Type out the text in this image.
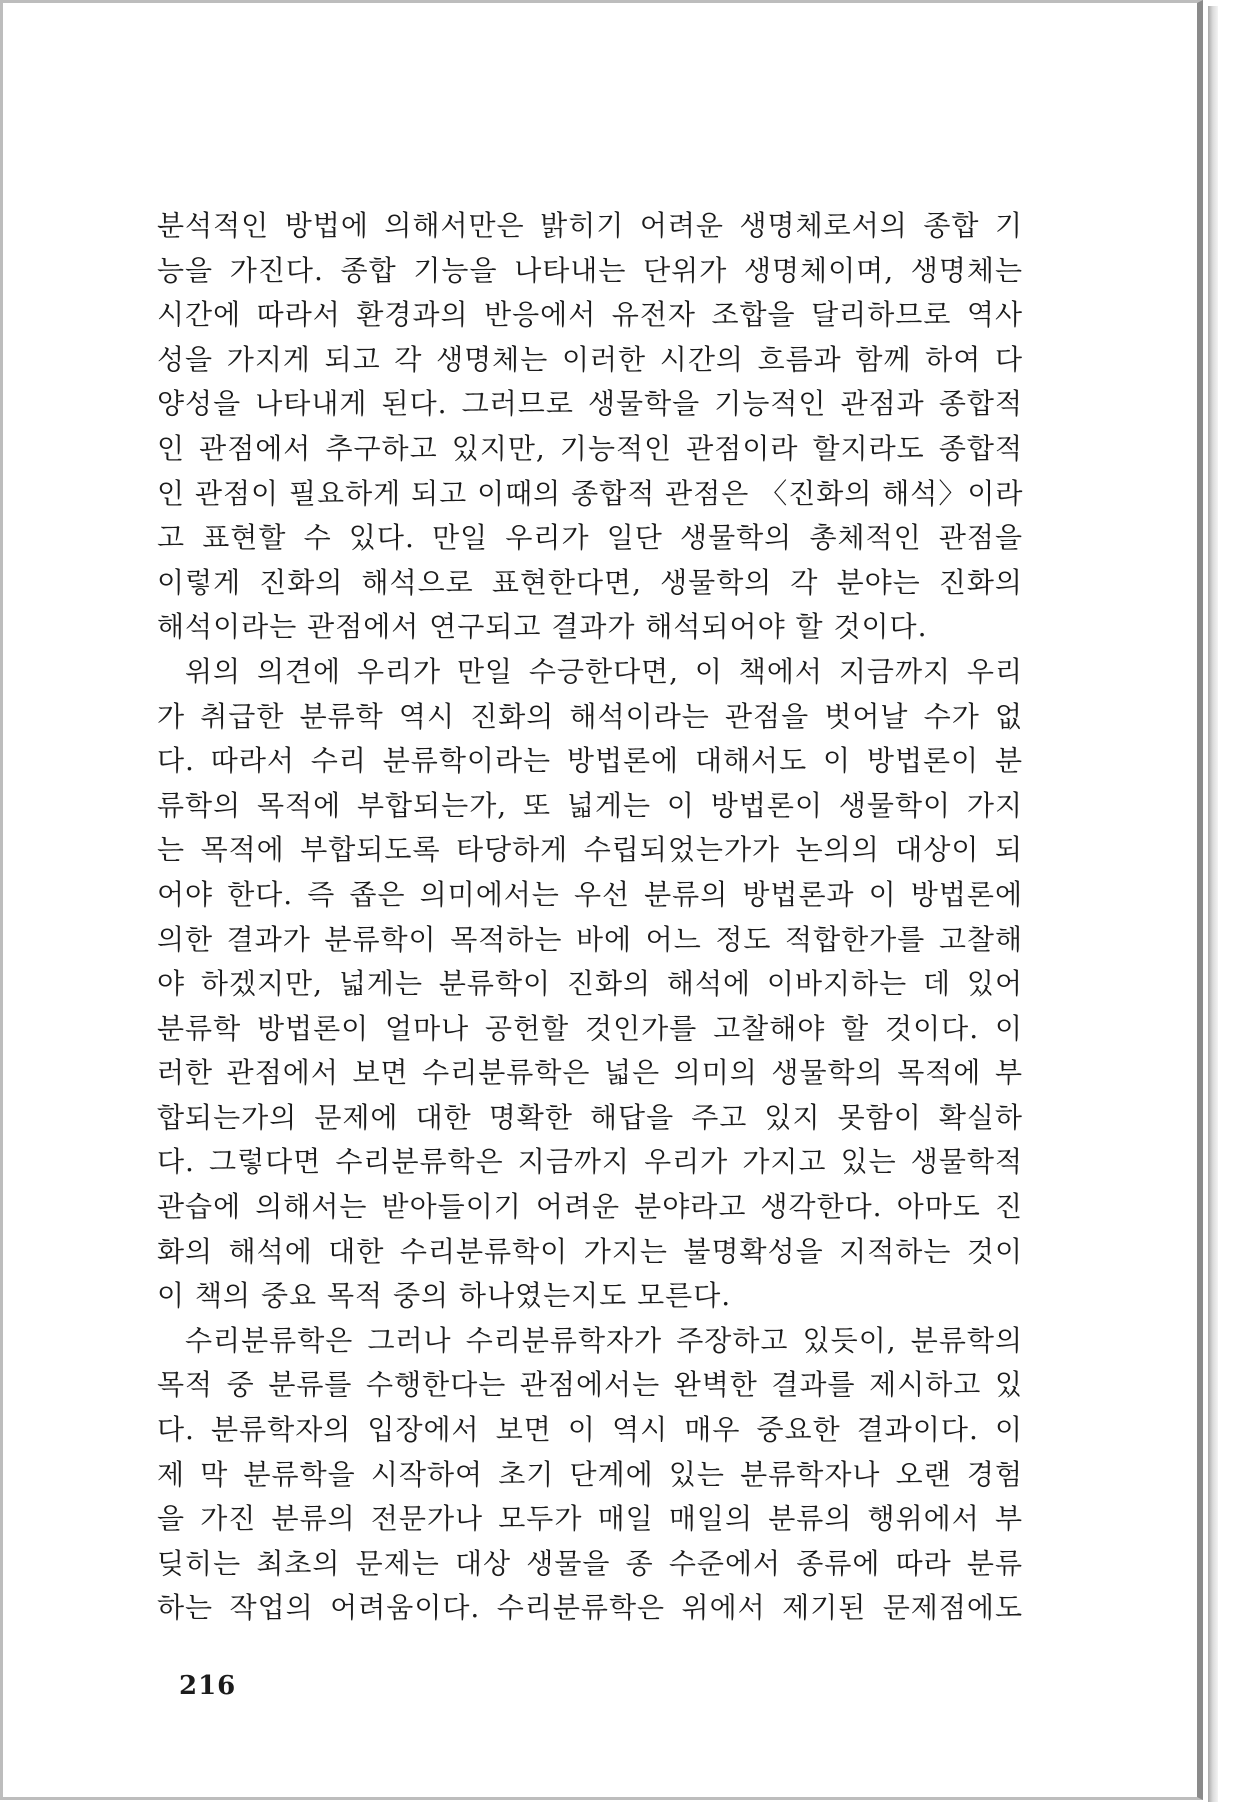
분석적인 방법에 의해서만은 밝히기 어려운 생명체로서의 종합 기
능을 가진다. 종합 기능을 나타내는 단위가 생명체이며, 생명체는
시간에 따라서 환경과의 반응에서 유전자 조합을 달리하므로 역사
성을 가지게 되고 각 생명체는 이러한 시간의 흐름과 함께 하여 다
양성을 나타내게 된다. 그러므로 생물학을 기능적인 관점과 종합적
인 관점에서 추구하고 있지만, 기능적인 관점이라 할지라도 종합적
인 관점이 필요하게 되고 이때의 종합적 관점은 〈진화의 해석〉이라
고 표현할 수 있다. 만일 우리가 일단 생물학의 총체적인 관점을
이렇게 진화의 해석으로 표현한다면, 생물학의 각 분야는 진화의
해석이라는 관점에서 연구되고 결과가 해석되어야 할 것이다.
위의 의견에 우리가 만일 수긍한다면, 이 책에서 지금까지 우리
가 취급한 분류학 역시 진화의 해석이라는 관점을 벗어날 수가 없
다. 따라서 수리 분류학이라는 방법론에 대해서도 이 방법론이 분
류학의 목적에 부합되는가, 또 넓게는 이 방법론이 생물학이 가지
는 목적에 부합되도록 타당하게 수립되었는가가 논의의 대상이 되
어야 한다. 즉 좁은 의미에서는 우선 분류의 방법론과 이 방법론에
의한 결과가 분류학이 목적하는 바에 어느 정도 적합한가를 고찰해
야 하겠지만, 넓게는 분류학이 진화의 해석에 이바지하는 데 있어
분류학 방법론이 얼마나 공헌할 것인가를 고찰해야 할 것이다. 이
러한 관점에서 보면 수리분류학은 넓은 의미의 생물학의 목적에 부
합되는가의 문제에 대한 명확한 해답을 주고 있지 못함이 확실하
다. 그렇다면 수리분류학은 지금까지 우리가 가지고 있는 생물학적
관습에 의해서는 받아들이기 어려운 분야라고 생각한다. 아마도 진
화의 해석에 대한 수리분류학이 가지는 불명확성을 지적하는 것이
이 책의 중요 목적 중의 하나였는지도 모른다.
수리분류학은 그러나 수리분류학자가 주장하고 있듯이, 분류학의
목적 중 분류를 수행한다는 관점에서는 완벽한 결과를 제시하고 있
다. 분류학자의 입장에서 보면 이 역시 매우 중요한 결과이다. 이
제 막 분류학을 시작하여 초기 단계에 있는 분류학자나 오랜 경험
을 가진 분류의 전문가나 모두가 매일 매일의 분류의 행위에서 부
딪히는 최초의 문제는 대상 생물을 종 수준에서 종류에 따라 분류
하는 작업의 어려움이다. 수리분류학은 위에서 제기된 문제점에도
216
